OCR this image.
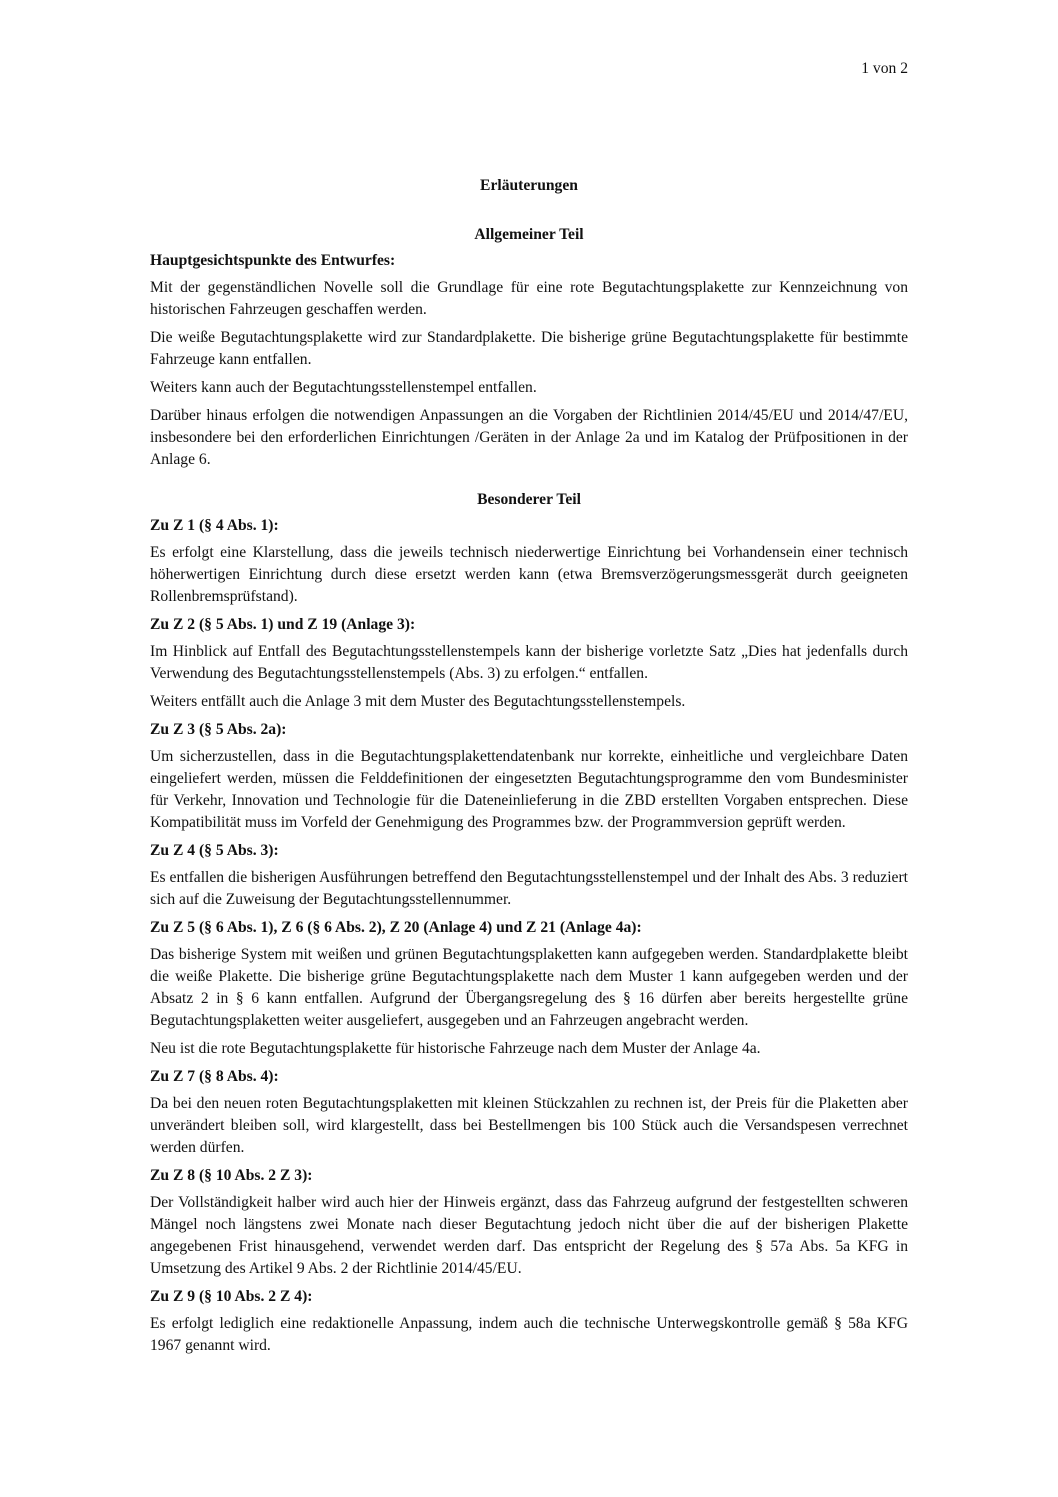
1 von 2

Erläuterungen
Allgemeiner Teil
Hauptgesichtspunkte des Entwurfes:

Mit der gegenständlichen Novelle soll die Grundlage für eine rote Begutachtungsplakette zur Kennzeichnung von historischen Fahrzeugen geschaffen werden.

Die weiße Begutachtungsplakette wird zur Standardplakette. Die bisherige grüne Begutachtungsplakette für bestimmte Fahrzeuge kann entfallen.

Weiters kann auch der Begutachtungsstellenstempel entfallen.

Darüber hinaus erfolgen die notwendigen Anpassungen an die Vorgaben der Richtlinien 2014/45/EU und 2014/47/EU, insbesondere bei den erforderlichen Einrichtungen /Geräten in der Anlage 2a und im Katalog der Prüfpositionen in der Anlage 6.

Besonderer Teil
Zu Z 1 (§ 4 Abs. 1):

Es erfolgt eine Klarstellung, dass die jeweils technisch niederwertige Einrichtung bei Vorhandensein einer technisch höherwertigen Einrichtung durch diese ersetzt werden kann (etwa Bremsverzögerungsmessgerät durch geeigneten Rollenbremsprüfstand).

Zu Z 2 (§ 5 Abs. 1) und Z 19 (Anlage 3):

Im Hinblick auf Entfall des Begutachtungsstellenstempels kann der bisherige vorletzte Satz „Dies hat jedenfalls durch Verwendung des Begutachtungsstellenstempels (Abs. 3) zu erfolgen.“ entfallen.

Weiters entfällt auch die Anlage 3 mit dem Muster des Begutachtungsstellenstempels.

Zu Z 3 (§ 5 Abs. 2a):

Um sicherzustellen, dass in die Begutachtungsplakettendatenbank nur korrekte, einheitliche und vergleichbare Daten eingeliefert werden, müssen die Felddefinitionen der eingesetzten Begutachtungsprogramme den vom Bundesminister für Verkehr, Innovation und Technologie für die Dateneinlieferung in die ZBD erstellten Vorgaben entsprechen. Diese Kompatibilität muss im Vorfeld der Genehmigung des Programmes bzw. der Programmversion geprüft werden.

Zu Z 4 (§ 5 Abs. 3):

Es entfallen die bisherigen Ausführungen betreffend den Begutachtungsstellenstempel und der Inhalt des Abs. 3 reduziert sich auf die Zuweisung der Begutachtungsstellennummer.

Zu Z 5 (§ 6 Abs. 1), Z 6 (§ 6 Abs. 2), Z 20 (Anlage 4) und Z 21 (Anlage 4a):

Das bisherige System mit weißen und grünen Begutachtungsplaketten kann aufgegeben werden. Standardplakette bleibt die weiße Plakette. Die bisherige grüne Begutachtungsplakette nach dem Muster 1 kann aufgegeben werden und der Absatz 2 in § 6 kann entfallen. Aufgrund der Übergangsregelung des § 16 dürfen aber bereits hergestellte grüne Begutachtungsplaketten weiter ausgeliefert, ausgegeben und an Fahrzeugen angebracht werden.

Neu ist die rote Begutachtungsplakette für historische Fahrzeuge nach dem Muster der Anlage 4a.

Zu Z 7 (§ 8 Abs. 4):

Da bei den neuen roten Begutachtungsplaketten mit kleinen Stückzahlen zu rechnen ist, der Preis für die Plaketten aber unverändert bleiben soll, wird klargestellt, dass bei Bestellmengen bis 100 Stück auch die Versandspesen verrechnet werden dürfen.

Zu Z 8 (§ 10 Abs. 2 Z 3):

Der Vollständigkeit halber wird auch hier der Hinweis ergänzt, dass das Fahrzeug aufgrund der festgestellten schweren Mängel noch längstens zwei Monate nach dieser Begutachtung jedoch nicht über die auf der bisherigen Plakette angegebenen Frist hinausgehend, verwendet werden darf. Das entspricht der Regelung des § 57a Abs. 5a KFG in Umsetzung des Artikel 9 Abs. 2 der Richtlinie 2014/45/EU.

Zu Z 9 (§ 10 Abs. 2 Z 4):

Es erfolgt lediglich eine redaktionelle Anpassung, indem auch die technische Unterwegskontrolle gemäß § 58a KFG 1967 genannt wird.
